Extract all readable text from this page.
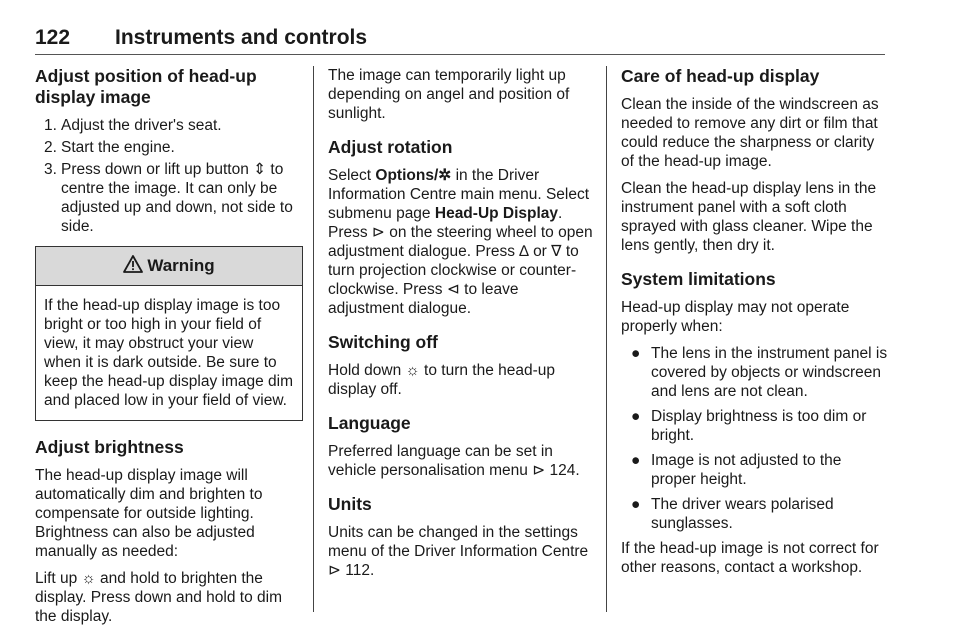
122 Instruments and controls
Adjust position of head-up display image
1. Adjust the driver's seat.
2. Start the engine.
3. Press down or lift up button ⇕ to centre the image. It can only be adjusted up and down, not side to side.
Warning
If the head-up display image is too bright or too high in your field of view, it may obstruct your view when it is dark outside. Be sure to keep the head-up display image dim and placed low in your field of view.
Adjust brightness

The head-up display image will automatically dim and brighten to compensate for outside lighting. Brightness can also be adjusted manually as needed:

Lift up ☼ and hold to brighten the display. Press down and hold to dim the display.

The image can temporarily light up depending on angel and position of sunlight.

Adjust rotation

Select Options/✲ in the Driver Information Centre main menu. Select submenu page Head-Up Display. Press ⊳ on the steering wheel to open adjustment dialogue. Press ∆ or ∇ to turn projection clockwise or counter-clockwise. Press ⊲ to leave adjustment dialogue.

Switching off

Hold down ☼ to turn the head-up display off.

Language

Preferred language can be set in vehicle personalisation menu ⊳ 124.

Units

Units can be changed in the settings menu of the Driver Information Centre ⊳ 112.

Care of head-up display

Clean the inside of the windscreen as needed to remove any dirt or film that could reduce the sharpness or clarity of the head-up image.

Clean the head-up display lens in the instrument panel with a soft cloth sprayed with glass cleaner. Wipe the lens gently, then dry it.

System limitations

Head-up display may not operate properly when:

● The lens in the instrument panel is covered by objects or windscreen and lens are not clean.
● Display brightness is too dim or bright.
● Image is not adjusted to the proper height.
● The driver wears polarised sunglasses.

If the head-up image is not correct for other reasons, contact a workshop.
